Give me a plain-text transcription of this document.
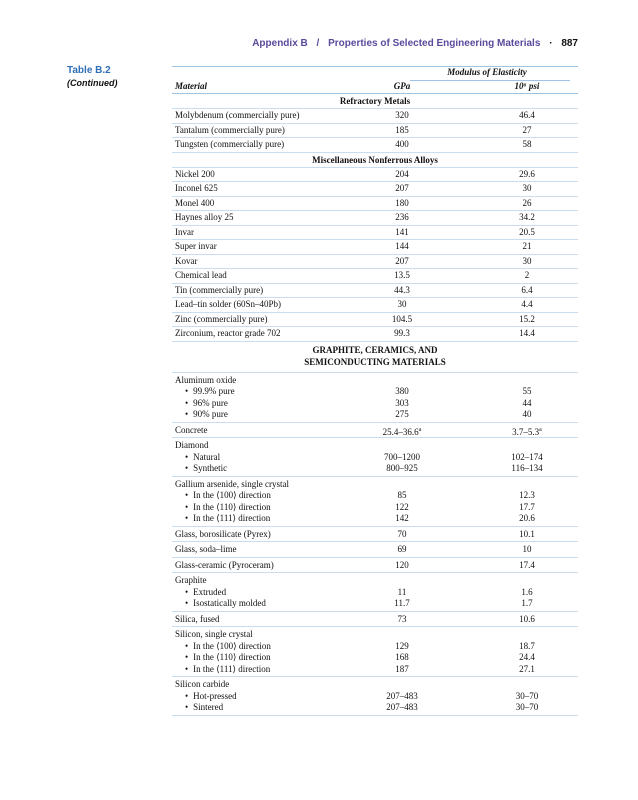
Appendix B / Properties of Selected Engineering Materials · 887
Table B.2
(Continued)
Modulus of Elasticity
Material	GPa	10⁶ psi
Refractory Metals
Molybdenum (commercially pure)	320	46.4
Tantalum (commercially pure)	185	27
Tungsten (commercially pure)	400	58
Miscellaneous Nonferrous Alloys
Nickel 200	204	29.6
Inconel 625	207	30
Monel 400	180	26
Haynes alloy 25	236	34.2
Invar	141	20.5
Super invar	144	21
Kovar	207	30
Chemical lead	13.5	2
Tin (commercially pure)	44.3	6.4
Lead–tin solder (60Sn–40Pb)	30	4.4
Zinc (commercially pure)	104.5	15.2
Zirconium, reactor grade 702	99.3	14.4
GRAPHITE, CERAMICS, AND
SEMICONDUCTING MATERIALS
Aluminum oxide
• 99.9% pure	380	55
• 96% pure	303	44
• 90% pure	275	40
Concrete	25.4–36.6$^a$	3.7–5.3$^a$
Diamond
• Natural	700–1200	102–174
• Synthetic	800–925	116–134
Gallium arsenide, single crystal
• In the ⟨100⟩ direction	85	12.3
• In the ⟨110⟩ direction	122	17.7
• In the ⟨111⟩ direction	142	20.6
Glass, borosilicate (Pyrex)	70	10.1
Glass, soda–lime	69	10
Glass-ceramic (Pyroceram)	120	17.4
Graphite
• Extruded	11	1.6
• Isostatically molded	11.7	1.7
Silica, fused	73	10.6
Silicon, single crystal
• In the ⟨100⟩ direction	129	18.7
• In the ⟨110⟩ direction	168	24.4
• In the ⟨111⟩ direction	187	27.1
Silicon carbide
• Hot-pressed	207–483	30–70
• Sintered	207–483	30–70
